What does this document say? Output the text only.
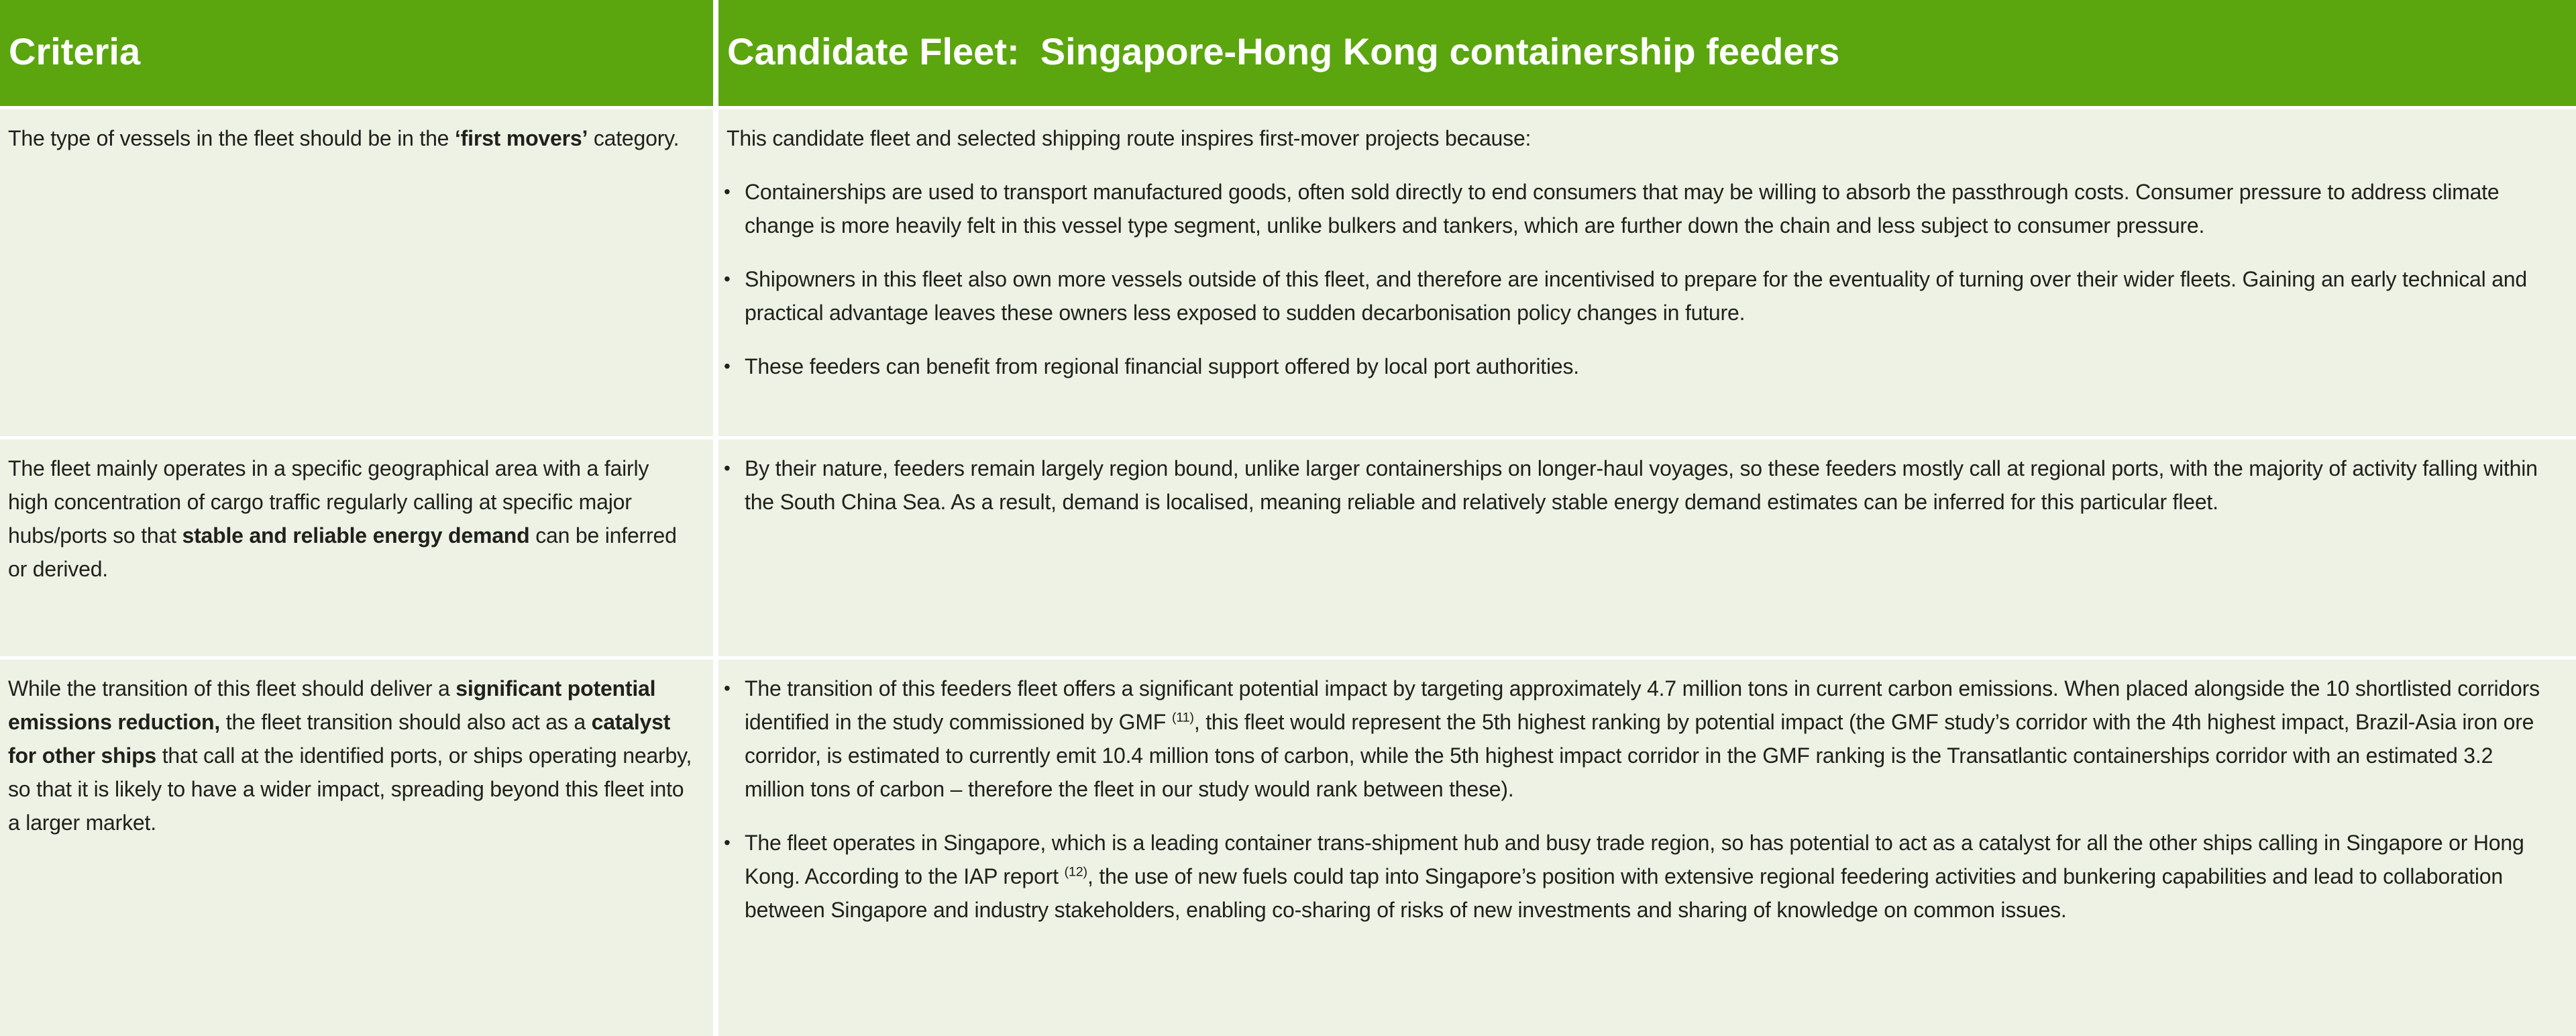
Criteria	Candidate Fleet:  Singapore-Hong Kong containership feeders

The type of vessels in the fleet should be in the ‘first movers’ category.	This candidate fleet and selected shipping route inspires first-mover projects because:

• Containerships are used to transport manufactured goods, often sold directly to end consumers that may be willing to absorb the passthrough costs. Consumer pressure to address climate change is more heavily felt in this vessel type segment, unlike bulkers and tankers, which are further down the chain and less subject to consumer pressure.

• Shipowners in this fleet also own more vessels outside of this fleet, and therefore are incentivised to prepare for the eventuality of turning over their wider fleets. Gaining an early technical and practical advantage leaves these owners less exposed to sudden decarbonisation policy changes in future.

• These feeders can benefit from regional financial support offered by local port authorities.

The fleet mainly operates in a specific geographical area with a fairly high concentration of cargo traffic regularly calling at specific major hubs/ports so that stable and reliable energy demand can be inferred or derived.

• By their nature, feeders remain largely region bound, unlike larger containerships on longer-haul voyages, so these feeders mostly call at regional ports, with the majority of activity falling within the South China Sea. As a result, demand is localised, meaning reliable and relatively stable energy demand estimates can be inferred for this particular fleet.

While the transition of this fleet should deliver a significant potential emissions reduction, the fleet transition should also act as a catalyst for other ships that call at the identified ports, or ships operating nearby, so that it is likely to have a wider impact, spreading beyond this fleet into a larger market.

• The transition of this feeders fleet offers a significant potential impact by targeting approximately 4.7 million tons in current carbon emissions. When placed alongside the 10 shortlisted corridors identified in the study commissioned by GMF $^{(11)}$, this fleet would represent the 5th highest ranking by potential impact (the GMF study’s corridor with the 4th highest impact, Brazil-Asia iron ore corridor, is estimated to currently emit 10.4 million tons of carbon, while the 5th highest impact corridor in the GMF ranking is the Transatlantic containerships corridor with an estimated 3.2 million tons of carbon – therefore the fleet in our study would rank between these).

• The fleet operates in Singapore, which is a leading container trans-shipment hub and busy trade region, so has potential to act as a catalyst for all the other ships calling in Singapore or Hong Kong. According to the IAP report $^{(12)}$, the use of new fuels could tap into Singapore’s position with extensive regional feedering activities and bunkering capabilities and lead to collaboration between Singapore and industry stakeholders, enabling co-sharing of risks of new investments and sharing of knowledge on common issues.
